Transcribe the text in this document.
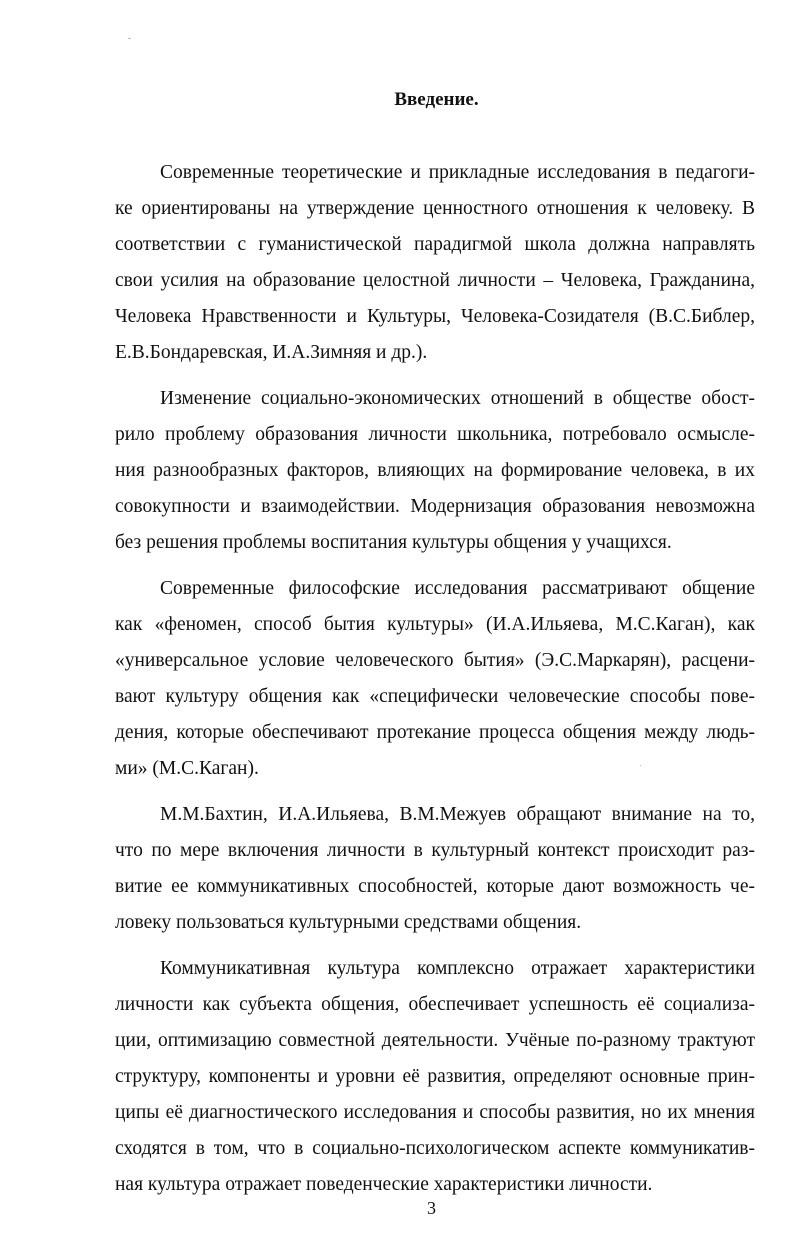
Введение.
Современные теоретические и прикладные исследования в педагоги-
ке ориентированы на утверждение ценностного отношения к человеку. В
соответствии с гуманистической парадигмой школа должна направлять
свои усилия на образование целостной личности – Человека, Гражданина,
Человека Нравственности и Культуры, Человека-Созидателя (В.С.Библер,
Е.В.Бондаревская, И.А.Зимняя и др.).
Изменение социально-экономических отношений в обществе обост-
рило проблему образования личности школьника, потребовало осмысле-
ния разнообразных факторов, влияющих на формирование человека, в их
совокупности и взаимодействии. Модернизация образования невозможна
без решения проблемы воспитания культуры общения у учащихся.
Современные философские исследования рассматривают общение
как «феномен, способ бытия культуры» (И.А.Ильяева, М.С.Каган), как
«универсальное условие человеческого бытия» (Э.С.Маркарян), расцени-
вают культуру общения как «специфически человеческие способы пове-
дения, которые обеспечивают протекание процесса общения между людь-
ми» (М.С.Каган).
М.М.Бахтин, И.А.Ильяева, В.М.Межуев обращают внимание на то,
что по мере включения личности в культурный контекст происходит раз-
витие ее коммуникативных способностей, которые дают возможность че-
ловеку пользоваться культурными средствами общения.
Коммуникативная культура комплексно отражает характеристики
личности как субъекта общения, обеспечивает успешность её социализа-
ции, оптимизацию совместной деятельности. Учёные по-разному трактуют
структуру, компоненты и уровни её развития, определяют основные прин-
ципы её диагностического исследования и способы развития, но их мнения
сходятся в том, что в социально-психологическом аспекте коммуникатив-
ная культура отражает поведенческие характеристики личности.
3
